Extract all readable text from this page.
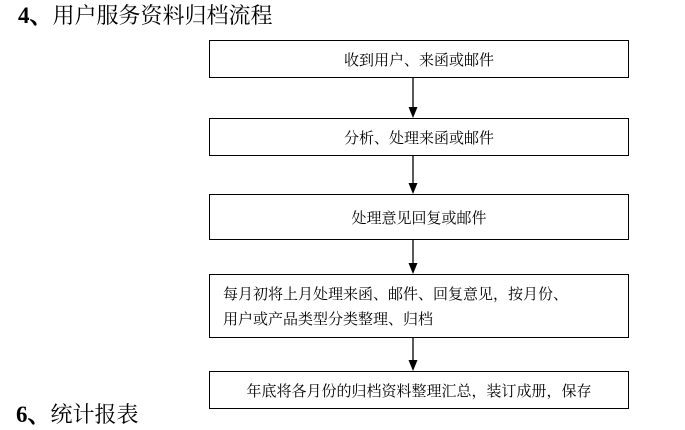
4、用户服务资料归档流程
收到用户、来函或邮件
分析、处理来函或邮件
处理意见回复或邮件
每月初将上月处理来函、邮件、回复意见，按月份、
用户或产品类型分类整理、归档
年底将各月份的归档资料整理汇总，装订成册，保存
6、统计报表
